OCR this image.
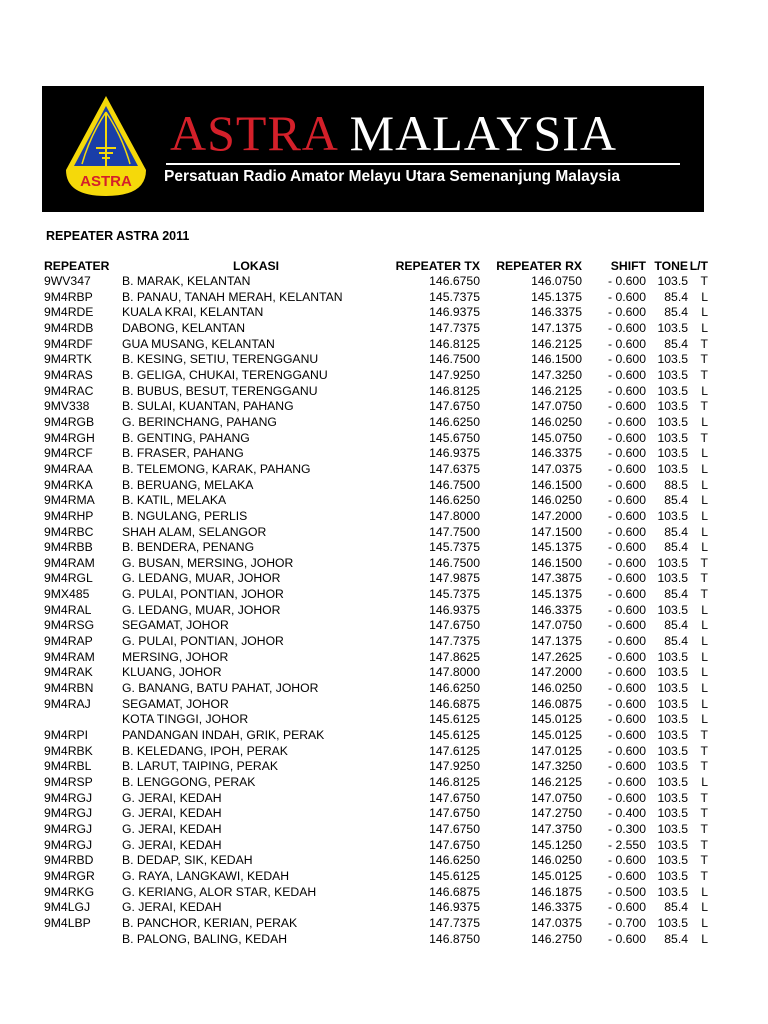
ASTRA
ASTRA MALAYSIA
Persatuan Radio Amator Melayu Utara Semenanjung Malaysia
REPEATER ASTRA 2011
REPEATER	LOKASI	REPEATER TX	REPEATER RX	SHIFT	TONE	L/T
9WV347	B. MARAK, KELANTAN	146.6750	146.0750	- 0.600	103.5	T
9M4RBP	B. PANAU, TANAH MERAH, KELANTAN	145.7375	145.1375	- 0.600	85.4	L
9M4RDE	KUALA KRAI, KELANTAN	146.9375	146.3375	- 0.600	85.4	L
9M4RDB	DABONG, KELANTAN	147.7375	147.1375	- 0.600	103.5	L
9M4RDF	GUA MUSANG, KELANTAN	146.8125	146.2125	- 0.600	85.4	T
9M4RTK	B. KESING, SETIU, TERENGGANU	146.7500	146.1500	- 0.600	103.5	T
9M4RAS	B. GELIGA, CHUKAI, TERENGGANU	147.9250	147.3250	- 0.600	103.5	T
9M4RAC	B. BUBUS, BESUT, TERENGGANU	146.8125	146.2125	- 0.600	103.5	L
9MV338	B. SULAI, KUANTAN, PAHANG	147.6750	147.0750	- 0.600	103.5	T
9M4RGB	G. BERINCHANG, PAHANG	146.6250	146.0250	- 0.600	103.5	L
9M4RGH	B. GENTING, PAHANG	145.6750	145.0750	- 0.600	103.5	T
9M4RCF	B. FRASER, PAHANG	146.9375	146.3375	- 0.600	103.5	L
9M4RAA	B. TELEMONG, KARAK, PAHANG	147.6375	147.0375	- 0.600	103.5	L
9M4RKA	B. BERUANG, MELAKA	146.7500	146.1500	- 0.600	88.5	L
9M4RMA	B. KATIL, MELAKA	146.6250	146.0250	- 0.600	85.4	L
9M4RHP	B. NGULANG, PERLIS	147.8000	147.2000	- 0.600	103.5	L
9M4RBC	SHAH ALAM, SELANGOR	147.7500	147.1500	- 0.600	85.4	L
9M4RBB	B. BENDERA, PENANG	145.7375	145.1375	- 0.600	85.4	L
9M4RAM	G. BUSAN, MERSING, JOHOR	146.7500	146.1500	- 0.600	103.5	T
9M4RGL	G. LEDANG, MUAR, JOHOR	147.9875	147.3875	- 0.600	103.5	T
9MX485	G. PULAI, PONTIAN, JOHOR	145.7375	145.1375	- 0.600	85.4	T
9M4RAL	G. LEDANG, MUAR, JOHOR	146.9375	146.3375	- 0.600	103.5	L
9M4RSG	SEGAMAT, JOHOR	147.6750	147.0750	- 0.600	85.4	L
9M4RAP	G. PULAI, PONTIAN, JOHOR	147.7375	147.1375	- 0.600	85.4	L
9M4RAM	MERSING, JOHOR	147.8625	147.2625	- 0.600	103.5	L
9M4RAK	KLUANG, JOHOR	147.8000	147.2000	- 0.600	103.5	L
9M4RBN	G. BANANG, BATU PAHAT, JOHOR	146.6250	146.0250	- 0.600	103.5	L
9M4RAJ	SEGAMAT, JOHOR	146.6875	146.0875	- 0.600	103.5	L
	KOTA TINGGI, JOHOR	145.6125	145.0125	- 0.600	103.5	L
9M4RPI	PANDANGAN INDAH, GRIK, PERAK	145.6125	145.0125	- 0.600	103.5	T
9M4RBK	B. KELEDANG, IPOH, PERAK	147.6125	147.0125	- 0.600	103.5	T
9M4RBL	B. LARUT, TAIPING, PERAK	147.9250	147.3250	- 0.600	103.5	T
9M4RSP	B. LENGGONG, PERAK	146.8125	146.2125	- 0.600	103.5	L
9M4RGJ	G. JERAI, KEDAH	147.6750	147.0750	- 0.600	103.5	T
9M4RGJ	G. JERAI, KEDAH	147.6750	147.2750	- 0.400	103.5	T
9M4RGJ	G. JERAI, KEDAH	147.6750	147.3750	- 0.300	103.5	T
9M4RGJ	G. JERAI, KEDAH	147.6750	145.1250	- 2.550	103.5	T
9M4RBD	B. DEDAP, SIK, KEDAH	146.6250	146.0250	- 0.600	103.5	T
9M4RGR	G. RAYA, LANGKAWI, KEDAH	145.6125	145.0125	- 0.600	103.5	T
9M4RKG	G. KERIANG, ALOR STAR, KEDAH	146.6875	146.1875	- 0.500	103.5	L
9M4LGJ	G. JERAI, KEDAH	146.9375	146.3375	- 0.600	85.4	L
9M4LBP	B. PANCHOR, KERIAN, PERAK	147.7375	147.0375	- 0.700	103.5	L
	B. PALONG, BALING, KEDAH	146.8750	146.2750	- 0.600	85.4	L
